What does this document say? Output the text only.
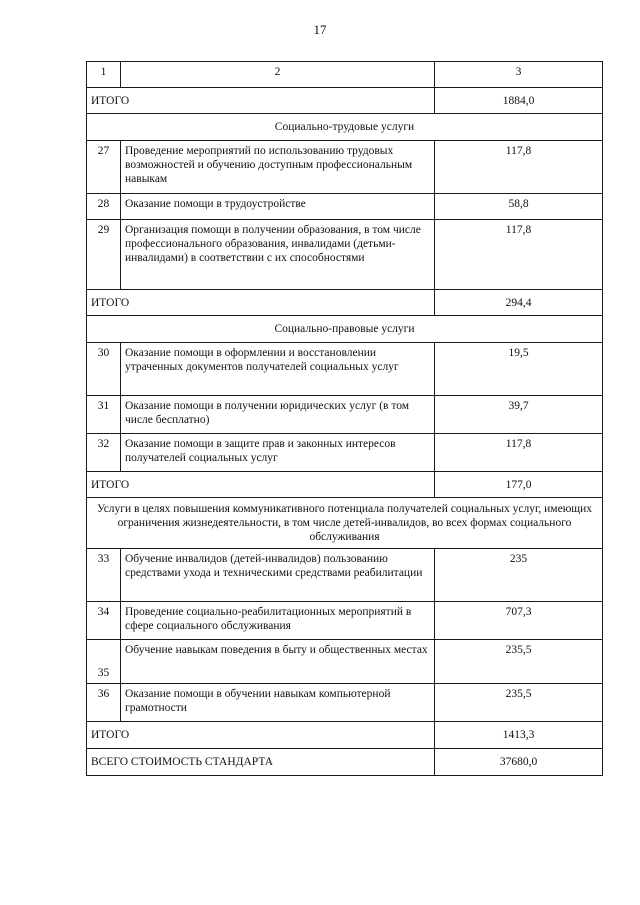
17
1	2	3
ИТОГО		1884,0
Социально-трудовые услуги		
27	Проведение мероприятий по использованию трудовых возможностей и обучению доступным профессиональным навыкам	117,8
28	Оказание помощи в трудоустройстве	58,8
29	Организация помощи в получении образования, в том числе профессионального образования, инвалидами (детьми-инвалидами) в соответствии с их способностями	117,8
ИТОГО		294,4
Социально-правовые услуги		
30	Оказание помощи в оформлении и восстановлении утраченных документов получателей социальных услуг	19,5
31	Оказание помощи в получении юридических услуг (в том числе бесплатно)	39,7
32	Оказание помощи в защите прав и законных интересов получателей социальных услуг	117,8
ИТОГО		177,0
Услуги в целях повышения коммуникативного потенциала получателей социальных услуг, имеющих ограничения жизнедеятельности, в том числе детей-инвалидов, во всех формах социального обслуживания		
33	Обучение инвалидов (детей-инвалидов) пользованию средствами ухода и техническими средствами реабилитации	235
34	Проведение социально-реабилитационных мероприятий в сфере социального обслуживания	707,3
35	Обучение навыкам поведения в быту и общественных местах	235,5
36	Оказание помощи в обучении навыкам компьютерной грамотности	235,5
ИТОГО		1413,3
ВСЕГО СТОИМОСТЬ СТАНДАРТА		37680,0
